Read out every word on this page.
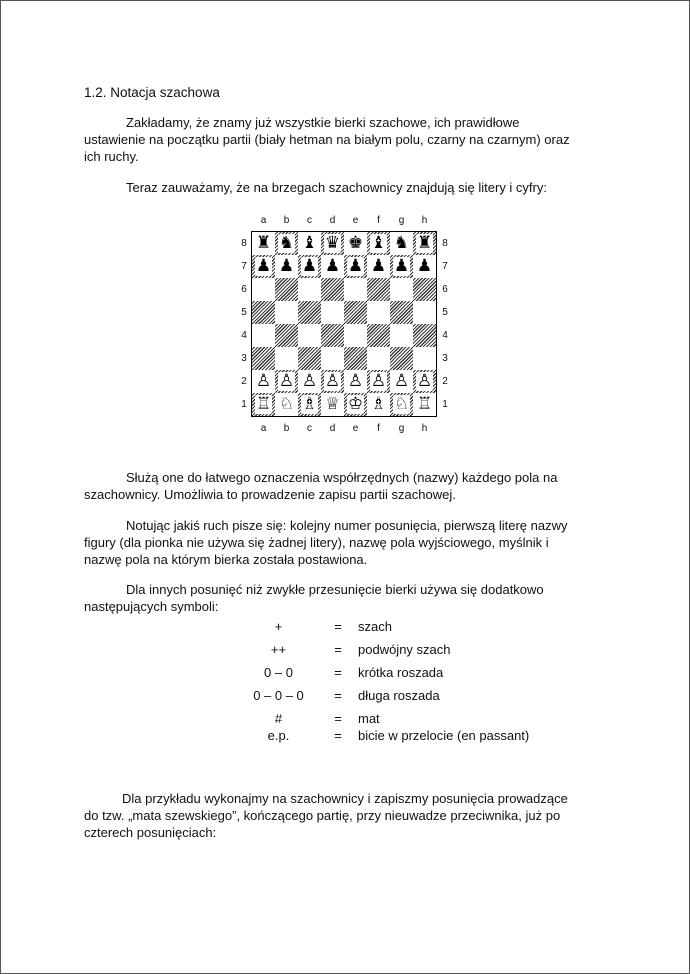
1.2. Notacja szachowa

Zakładamy, że znamy już wszystkie bierki szachowe, ich prawidłowe
ustawienie na początku partii (biały hetman na białym polu, czarny na czarnym) oraz
ich ruchy.

Teraz zauważamy, że na brzegach szachownicy znajdują się litery i cyfry:

a	b	c	d	e	f	g	h
8
7
6
5
4
3
2
1
♜ ♞ ♝ ♛ ♚ ♝ ♞ ♜
♟ ♟ ♟ ♟ ♟ ♟ ♟ ♟
♙ ♙ ♙ ♙ ♙ ♙ ♙ ♙
♖ ♘ ♗ ♕ ♔ ♗ ♘ ♖
8
7
6
5
4
3
2
1
a	b	c	d	e	f	g	h

Służą one do łatwego oznaczenia współrzędnych (nazwy) każdego pola na
szachownicy. Umożliwia to prowadzenie zapisu partii szachowej.

Notując jakiś ruch pisze się: kolejny numer posunięcia, pierwszą literę nazwy
figury (dla pionka nie używa się żadnej litery), nazwę pola wyjściowego, myślnik i
nazwę pola na którym bierka została postawiona.

Dla innych posunięć niż zwykłe przesunięcie bierki używa się dodatkowo
następujących symboli:

+	= szach
++	= podwójny szach
0 – 0	= krótka roszada
0 – 0 – 0	= długa roszada
#	= mat
e.p.	= bicie w przelocie (en passant)

Dla przykładu wykonajmy na szachownicy i zapiszmy posunięcia prowadzące
do tzw. „mata szewskiego”, kończącego partię, przy nieuwadze przeciwnika, już po
czterech posunięciach:
